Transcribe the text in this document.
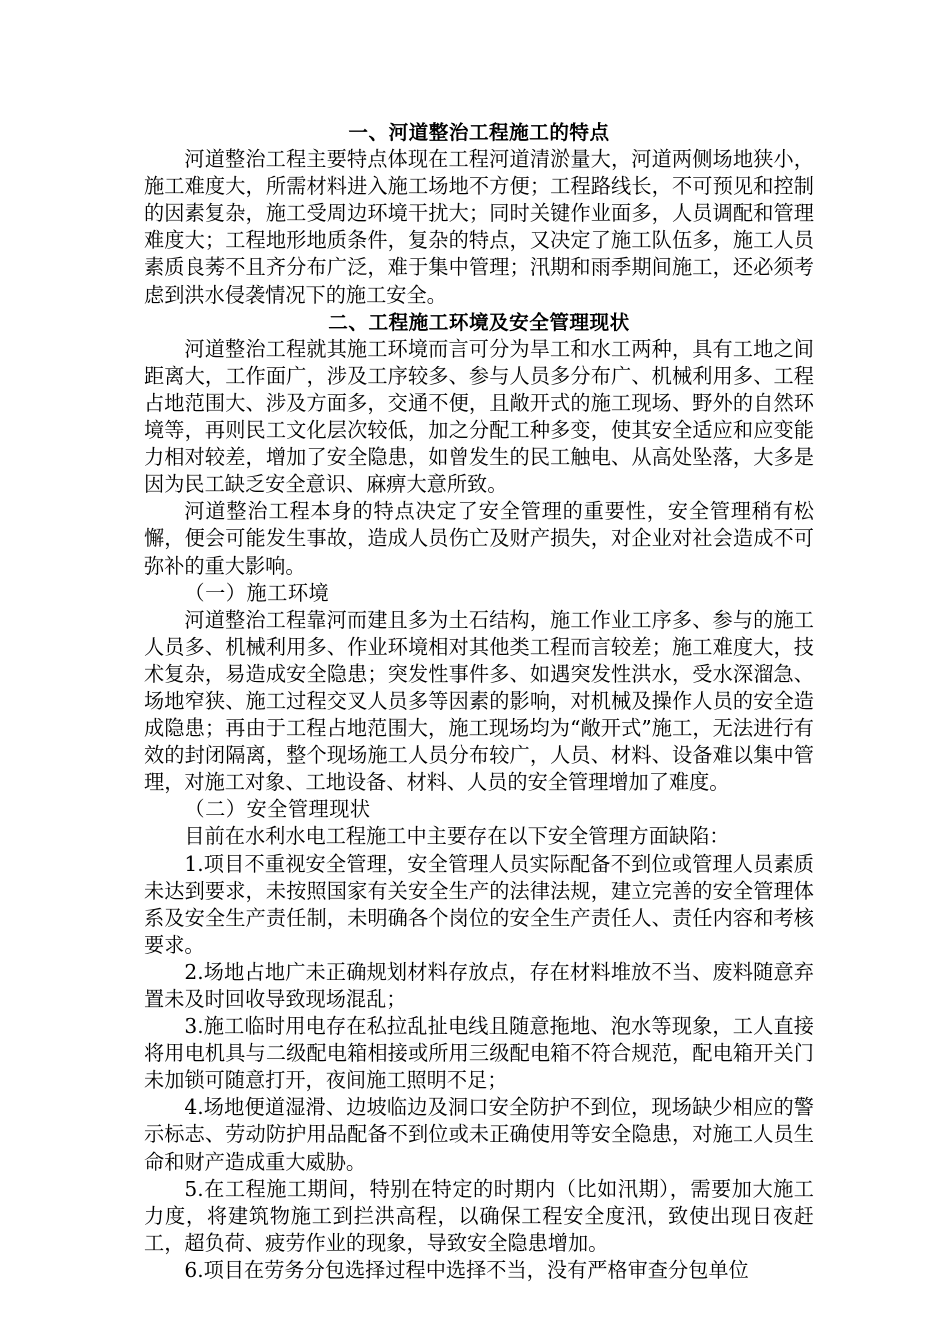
一、河道整治工程施工的特点

河道整治工程主要特点体现在工程河道清淤量大，河道两侧场地狭小，施工难度大，所需材料进入施工场地不方便；工程路线长，不可预见和控制的因素复杂，施工受周边环境干扰大；同时关键作业面多，人员调配和管理难度大；工程地形地质条件，复杂的特点，又决定了施工队伍多，施工人员素质良莠不且齐分布广泛，难于集中管理；汛期和雨季期间施工，还必须考虑到洪水侵袭情况下的施工安全。

二、工程施工环境及安全管理现状

河道整治工程就其施工环境而言可分为旱工和水工两种，具有工地之间距离大，工作面广，涉及工序较多、参与人员多分布广、机械利用多、工程占地范围大、涉及方面多，交通不便，且敞开式的施工现场、野外的自然环境等，再则民工文化层次较低，加之分配工种多变，使其安全适应和应变能力相对较差，增加了安全隐患，如曾发生的民工触电、从高处坠落，大多是因为民工缺乏安全意识、麻痹大意所致。

河道整治工程本身的特点决定了安全管理的重要性，安全管理稍有松懈，便会可能发生事故，造成人员伤亡及财产损失，对企业对社会造成不可弥补的重大影响。

（一）施工环境

河道整治工程靠河而建且多为土石结构，施工作业工序多、参与的施工人员多、机械利用多、作业环境相对其他类工程而言较差；施工难度大，技术复杂，易造成安全隐患；突发性事件多、如遇突发性洪水，受水深溜急、场地窄狭、施工过程交叉人员多等因素的影响，对机械及操作人员的安全造成隐患；再由于工程占地范围大，施工现场均为“敞开式”施工，无法进行有效的封闭隔离，整个现场施工人员分布较广，人员、材料、设备难以集中管理，对施工对象、工地设备、材料、人员的安全管理增加了难度。

（二）安全管理现状

目前在水利水电工程施工中主要存在以下安全管理方面缺陷：

1.项目不重视安全管理，安全管理人员实际配备不到位或管理人员素质未达到要求，未按照国家有关安全生产的法律法规，建立完善的安全管理体系及安全生产责任制，未明确各个岗位的安全生产责任人、责任内容和考核要求。

2.场地占地广未正确规划材料存放点，存在材料堆放不当、废料随意弃置未及时回收导致现场混乱；

3.施工临时用电存在私拉乱扯电线且随意拖地、泡水等现象，工人直接将用电机具与二级配电箱相接或所用三级配电箱不符合规范，配电箱开关门未加锁可随意打开，夜间施工照明不足；

4.场地便道湿滑、边坡临边及洞口安全防护不到位，现场缺少相应的警示标志、劳动防护用品配备不到位或未正确使用等安全隐患，对施工人员生命和财产造成重大威胁。

5.在工程施工期间，特别在特定的时期内（比如汛期），需要加大施工力度，将建筑物施工到拦洪高程，以确保工程安全度汛，致使出现日夜赶工，超负荷、疲劳作业的现象，导致安全隐患增加。

6.项目在劳务分包选择过程中选择不当，没有严格审查分包单位
